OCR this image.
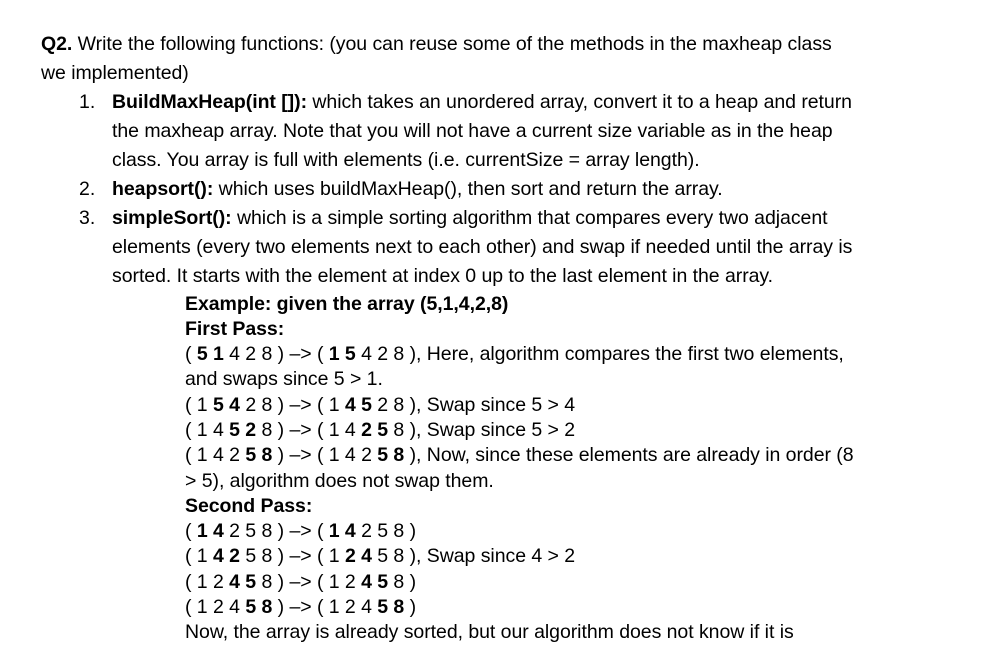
Q2. Write the following functions: (you can reuse some of the methods in the maxheap class
we implemented)
1. BuildMaxHeap(int []): which takes an unordered array, convert it to a heap and return
the maxheap array. Note that you will not have a current size variable as in the heap
class. You array is full with elements (i.e. currentSize = array length).
2. heapsort(): which uses buildMaxHeap(), then sort and return the array.
3. simpleSort(): which is a simple sorting algorithm that compares every two adjacent
elements (every two elements next to each other) and swap if needed until the array is
sorted. It starts with the element at index 0 up to the last element in the array.
Example: given the array (5,1,4,2,8)
First Pass:
( 5 1 4 2 8 ) –> ( 1 5 4 2 8 ), Here, algorithm compares the first two elements,
and swaps since 5 > 1.
( 1 5 4 2 8 ) –> ( 1 4 5 2 8 ), Swap since 5 > 4
( 1 4 5 2 8 ) –> ( 1 4 2 5 8 ), Swap since 5 > 2
( 1 4 2 5 8 ) –> ( 1 4 2 5 8 ), Now, since these elements are already in order (8
> 5), algorithm does not swap them.
Second Pass:
( 1 4 2 5 8 ) –> ( 1 4 2 5 8 )
( 1 4 2 5 8 ) –> ( 1 2 4 5 8 ), Swap since 4 > 2
( 1 2 4 5 8 ) –> ( 1 2 4 5 8 )
( 1 2 4 5 8 ) –> ( 1 2 4 5 8 )
Now, the array is already sorted, but our algorithm does not know if it is
